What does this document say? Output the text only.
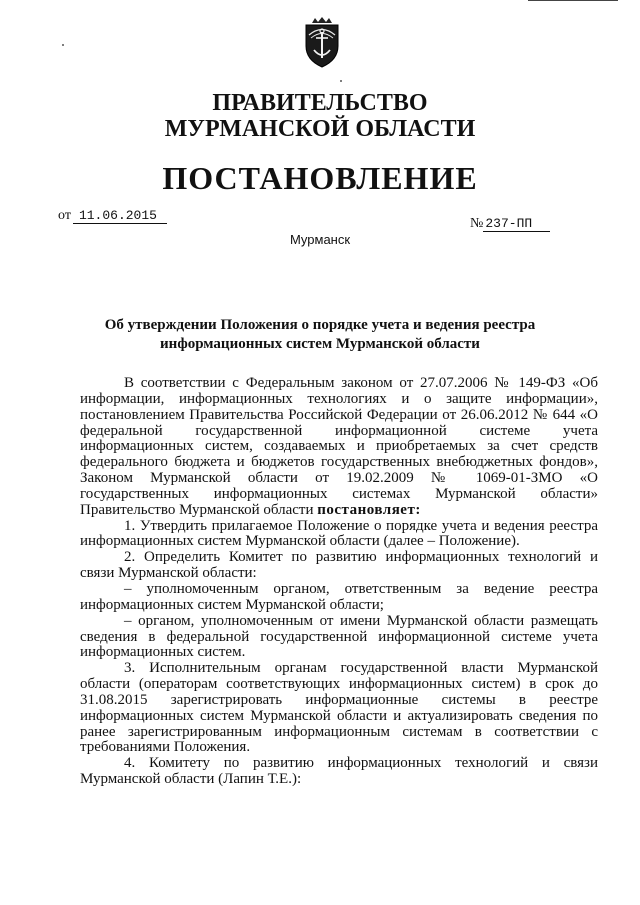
ПРАВИТЕЛЬСТВО
МУРМАНСКОЙ ОБЛАСТИ
ПОСТАНОВЛЕНИЕ
от 11.06.2015
№ 237-ПП
Мурманск
Об утверждении Положения о порядке учета и ведения реестра
информационных систем Мурманской области

В соответствии с Федеральным законом от 27.07.2006 № 149-ФЗ «Об информации, информационных технологиях и о защите информации», постановлением Правительства Российской Федерации от 26.06.2012 № 644 «О федеральной государственной информационной системе учета информационных систем, создаваемых и приобретаемых за счет средств федерального бюджета и бюджетов государственных внебюджетных фондов», Законом Мурманской области от 19.02.2009 № 1069-01-ЗМО «О государственных информационных системах Мурманской области» Правительство Мурманской области постановляет:

1. Утвердить прилагаемое Положение о порядке учета и ведения реестра информационных систем Мурманской области (далее – Положение).

2. Определить Комитет по развитию информационных технологий и связи Мурманской области:

– уполномоченным органом, ответственным за ведение реестра информационных систем Мурманской области;

– органом, уполномоченным от имени Мурманской области размещать сведения в федеральной государственной информационной системе учета информационных систем.

3. Исполнительным органам государственной власти Мурманской области (операторам соответствующих информационных систем) в срок до 31.08.2015 зарегистрировать информационные системы в реестре информационных систем Мурманской области и актуализировать сведения по ранее зарегистрированным информационным системам в соответствии с требованиями Положения.

4. Комитету по развитию информационных технологий и связи Мурманской области (Лапин Т.Е.):
